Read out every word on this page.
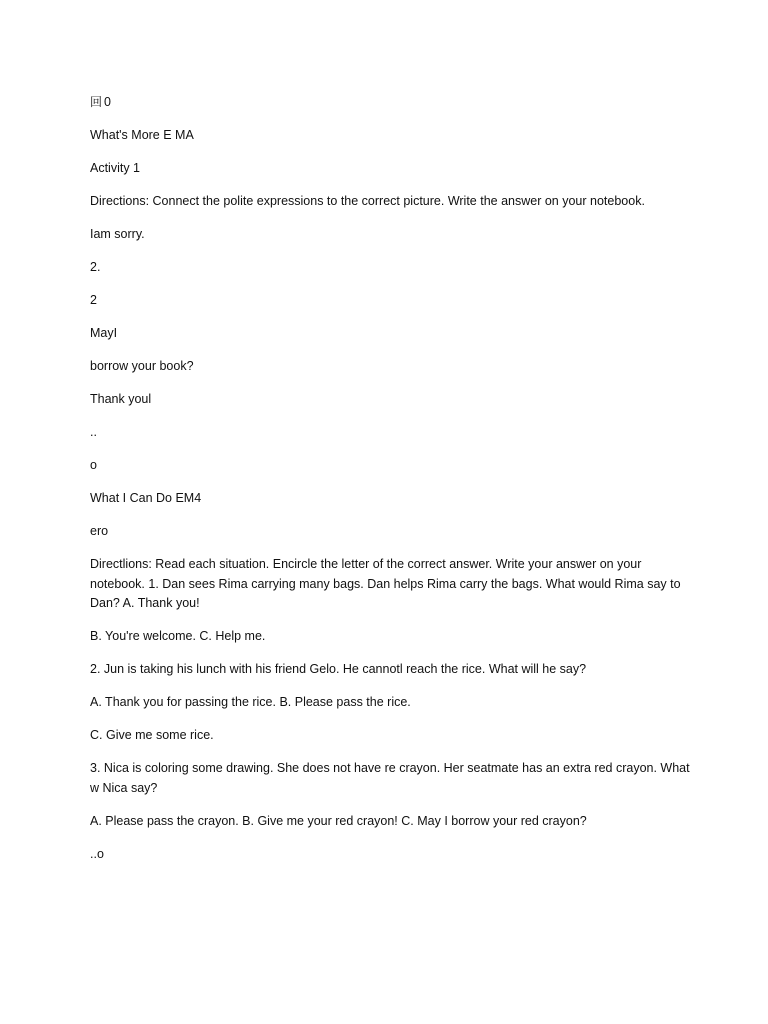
回 0
What's More E MA
Activity 1
Directions: Connect the polite expressions to the correct picture. Write the answer on your notebook.
Iam sorry.
2.
2
MayI
borrow your book?
Thank youl
..
o
What I Can Do EM4
ero
Directlions: Read each situation. Encircle the letter of the correct answer. Write your answer on your notebook. 1. Dan sees Rima carrying many bags. Dan helps Rima carry the bags. What would Rima say to Dan? A. Thank you!
B. You're welcome. C. Help me.
2. Jun is taking his lunch with his friend Gelo. He cannotl reach the rice. What will he say?
A. Thank you for passing the rice. B. Please pass the rice.
C. Give me some rice.
3. Nica is coloring some drawing. She does not have re crayon. Her seatmate has an extra red crayon. What w Nica say?
A. Please pass the crayon. B. Give me your red crayon! C. May I borrow your red crayon?
..o
